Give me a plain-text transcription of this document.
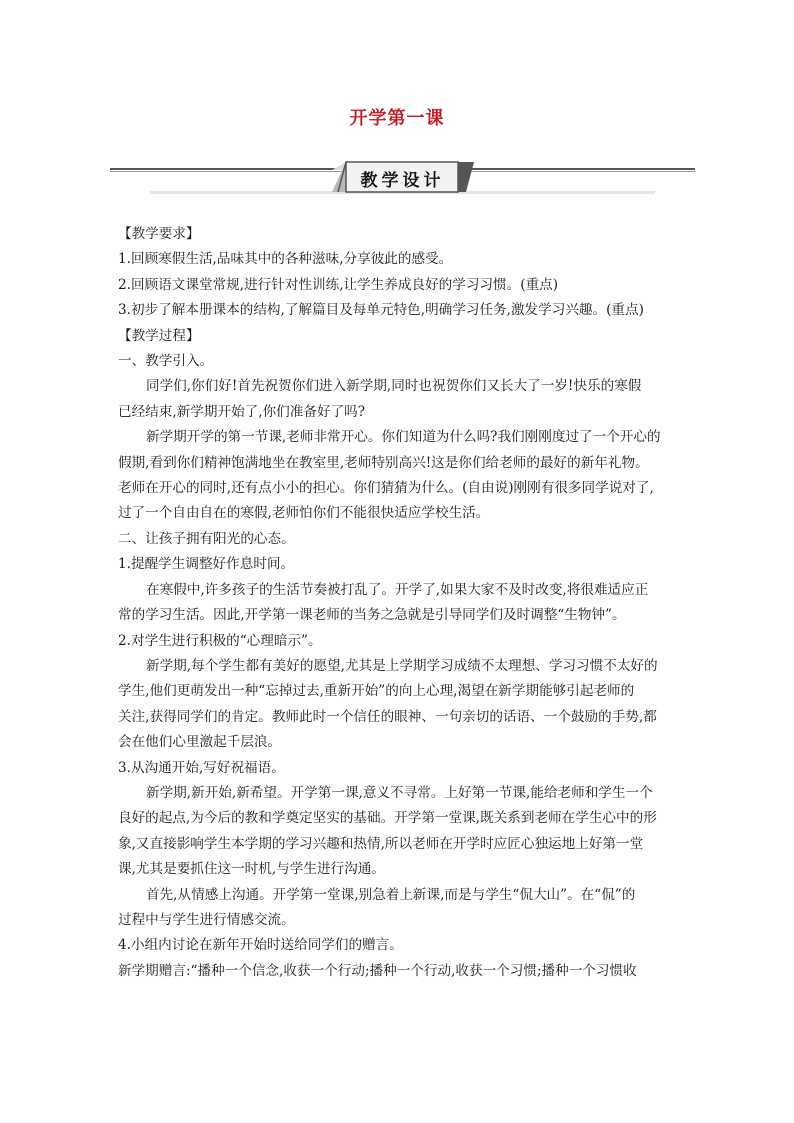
开学第一课
教学设计

【教学要求】

1.回顾寒假生活,品味其中的各种滋味,分享彼此的感受。

2.回顾语文课堂常规,进行针对性训练,让学生养成良好的学习习惯。(重点)

3.初步了解本册课本的结构,了解篇目及每单元特色,明确学习任务,激发学习兴趣。(重点)

【教学过程】

一、教学引入。

同学们,你们好!首先祝贺你们进入新学期,同时也祝贺你们又长大了一岁!快乐的寒假

已经结束,新学期开始了,你们准备好了吗?

新学期开学的第一节课,老师非常开心。你们知道为什么吗?我们刚刚度过了一个开心的

假期,看到你们精神饱满地坐在教室里,老师特别高兴!这是你们给老师的最好的新年礼物。

老师在开心的同时,还有点小小的担心。你们猜猜为什么。(自由说)刚刚有很多同学说对了,

过了一个自由自在的寒假,老师怕你们不能很快适应学校生活。

二、让孩子拥有阳光的心态。

1.提醒学生调整好作息时间。

在寒假中,许多孩子的生活节奏被打乱了。开学了,如果大家不及时改变,将很难适应正

常的学习生活。因此,开学第一课老师的当务之急就是引导同学们及时调整“生物钟”。

2.对学生进行积极的“心理暗示”。

新学期,每个学生都有美好的愿望,尤其是上学期学习成绩不太理想、学习习惯不太好的

学生,他们更萌发出一种“忘掉过去,重新开始”的向上心理,渴望在新学期能够引起老师的

关注,获得同学们的肯定。教师此时一个信任的眼神、一句亲切的话语、一个鼓励的手势,都

会在他们心里激起千层浪。

3.从沟通开始,写好祝福语。

新学期,新开始,新希望。开学第一课,意义不寻常。上好第一节课,能给老师和学生一个

良好的起点,为今后的教和学奠定坚实的基础。开学第一堂课,既关系到老师在学生心中的形

象,又直接影响学生本学期的学习兴趣和热情,所以老师在开学时应匠心独运地上好第一堂

课,尤其是要抓住这一时机,与学生进行沟通。

首先,从情感上沟通。开学第一堂课,别急着上新课,而是与学生“侃大山”。在“侃”的

过程中与学生进行情感交流。

4.小组内讨论在新年开始时送给同学们的赠言。

新学期赠言:“播种一个信念,收获一个行动;播种一个行动,收获一个习惯;播种一个习惯收
